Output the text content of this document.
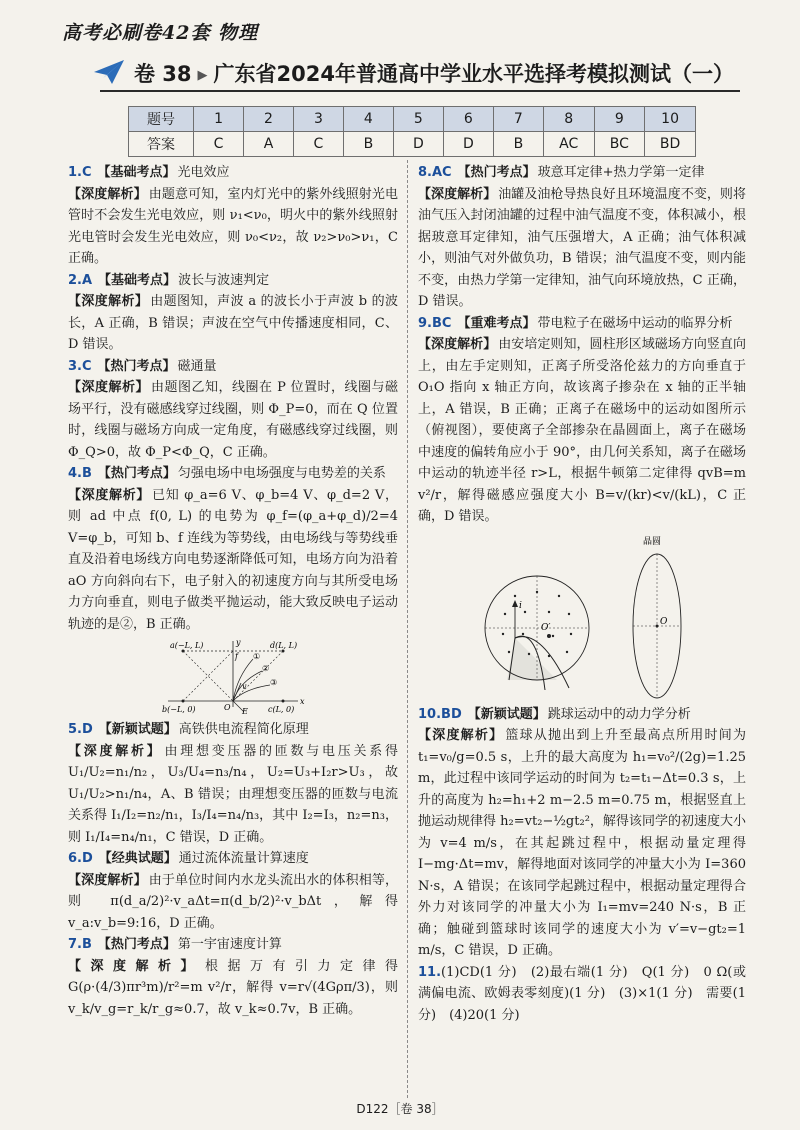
高考必刷卷42套 物理
卷 38 ▶ 广东省2024年普通高中学业水平选择考模拟测试（一）
题号	1	2	3	4	5	6	7	8	9	10
答案	C	A	C	B	D	D	B	AC	BC	BD
1.C 【基础考点】 光电效应
【深度解析】 由题意可知，室内灯光中的紫外线照射光电管时不会发生光电效应，则 ν₁<ν₀，明火中的紫外线照射光电管时会发生光电效应，则 ν₀<ν₂，故 ν₂>ν₀>ν₁，C 正确。
2.A 【基础考点】 波长与波速判定
【深度解析】 由题图知，声波 a 的波长小于声波 b 的波长，A 正确，B 错误；声波在空气中传播速度相同，C、D 错误。
3.C 【热门考点】 磁通量
【深度解析】 由题图乙知，线圈在 P 位置时，线圈与磁场平行，没有磁感线穿过线圈，则 Φ_P=0，而在 Q 位置时，线圈与磁场方向成一定角度，有磁感线穿过线圈，则 Φ_Q>0，故 Φ_P<Φ_Q，C 正确。
4.B 【热门考点】 匀强电场中电场强度与电势差的关系
【深度解析】 已知 φ_a=6 V、φ_b=4 V、φ_d=2 V，则 ad 中点 f(0, L) 的电势为 φ_f=(φ_a+φ_d)/2=4 V=φ_b，可知 b、f 连线为等势线，由电场线与等势线垂直及沿着电场线方向电势逐渐降低可知，电场方向为沿着 aO 方向斜向右下，电子射入的初速度方向与其所受电场力方向垂直，则电子做类平抛运动，能大致反映电子运动轨迹的是②，B 正确。
a(−L, L)	d(L, L)
b(−L, 0)	c(L, 0)
f
O E
y
x
v
①
②
③
5.D 【新颖试题】 高铁供电流程简化原理
【深度解析】 由理想变压器的匝数与电压关系得 U₁/U₂=n₁/n₂，U₃/U₄=n₃/n₄，U₂=U₃+I₂r>U₃，故 U₁/U₂>n₁/n₄，A、B 错误；由理想变压器的匝数与电流关系得 I₁/I₂=n₂/n₁，I₃/I₄=n₄/n₃，其中 I₂=I₃，n₂=n₃，则 I₁/I₄=n₄/n₁，C 错误，D 正确。
6.D 【经典试题】 通过流体流量计算速度
【深度解析】 由于单位时间内水龙头流出水的体积相等，则 π(d_a/2)²·v_aΔt=π(d_b/2)²·v_bΔt，解得 v_a:v_b=9:16，D 正确。
7.B 【热门考点】 第一宇宙速度计算
【深度解析】 根据万有引力定律得 G(ρ·(4/3)πr³m)/r²=m v²/r，解得 v=r√(4Gρπ/3)，则 v_k/v_g=r_k/r_g≈0.7，故 v_k≈0.7v，B 正确。
8.AC 【热门考点】 玻意耳定律+热力学第一定律
【深度解析】 油罐及油枪导热良好且环境温度不变，则将油气压入封闭油罐的过程中油气温度不变，体积减小，根据玻意耳定律知，油气压强增大，A 正确；油气体积减小，则油气对外做负功，B 错误；油气温度不变，则内能不变，由热力学第一定律知，油气向环境放热，C 正确，D 错误。
9.BC 【重难考点】 带电粒子在磁场中运动的临界分析
【深度解析】 由安培定则知，圆柱形区域磁场方向竖直向上，由左手定则知，正离子所受洛伦兹力的方向垂直于 O₁O 指向 x 轴正方向，故该离子掺杂在 x 轴的正半轴上，A 错误，B 正确；正离子在磁场中的运动如图所示（俯视图），要使离子全部掺杂在晶圆面上，离子在磁场中速度的偏转角应小于 90°，由几何关系知，离子在磁场中运动的轨迹半径 r>L，根据牛顿第二定律得 qvB=m v²/r，解得磁感应强度大小 B=v/(kr)<v/(kL)，C 正确，D 错误。
O′
i
O
晶圆
10.BD 【新颖试题】 跳球运动中的动力学分析
【深度解析】 篮球从抛出到上升至最高点所用时间为 t₁=v₀/g=0.5 s，上升的最大高度为 h₁=v₀²/(2g)=1.25 m，此过程中该同学运动的时间为 t₂=t₁−Δt=0.3 s，上升的高度为 h₂=h₁+2 m−2.5 m=0.75 m，根据竖直上抛运动规律得 h₂=vt₂−½gt₂²，解得该同学的初速度大小为 v=4 m/s，在其起跳过程中，根据动量定理得 I−mg·Δt=mv，解得地面对该同学的冲量大小为 I=360 N·s，A 错误；在该同学起跳过程中，根据动量定理得合外力对该同学的冲量大小为 I₁=mv=240 N·s，B 正确；触碰到篮球时该同学的速度大小为 v′=v−gt₂=1 m/s，C 错误，D 正确。
11.(1)CD(1 分)　(2)最右端(1 分)　Q(1 分)　0 Ω(或满偏电流、欧姆表零刻度)(1 分)　(3)×1(1 分)　需要(1 分)　(4)20(1 分)
D122［卷 38］
